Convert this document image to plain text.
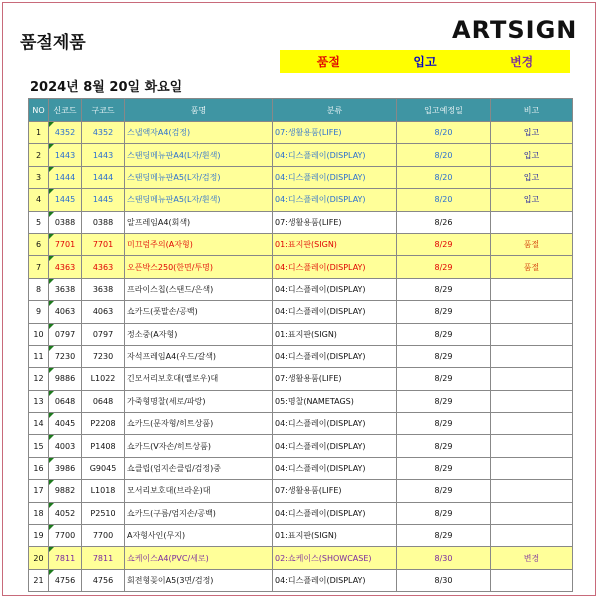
품절제품	ARTSIGN
품절	입고	변경
2024년 8월 20일 화요일
NO	신코드	구코드	품명	분류	입고예정일	비고
1	4352	4352	스냅액자A4(검정)	07:생활용품(LIFE)	8/20	입고
2	1443	1443	스탠딩메뉴판A4(L자/흰색)	04:디스플레이(DISPLAY)	8/20	입고
3	1444	1444	스탠딩메뉴판A5(L자/검정)	04:디스플레이(DISPLAY)	8/20	입고
4	1445	1445	스탠딩메뉴판A5(L자/흰색)	04:디스플레이(DISPLAY)	8/20	입고
5	0388	0388	알프레임A4(회색)	07:생활용품(LIFE)	8/26	
6	7701	7701	미끄럼주의(A자형)	01:표지판(SIGN)	8/29	품절
7	4363	4363	오픈박스250(한면/투명)	04:디스플레이(DISPLAY)	8/29	품절
8	3638	3638	프라이스칩(스탠드/은색)	04:디스플레이(DISPLAY)	8/29	
9	4063	4063	쇼카드(폿말손/공백)	04:디스플레이(DISPLAY)	8/29	
10	0797	0797	정소중(A자형)	01:표지판(SIGN)	8/29	
11	7230	7230	자석프레임A4(우드/갈색)	04:디스플레이(DISPLAY)	8/29	
12	9886	L1022	긴모서리보호대(옐로우)대	07:생활용품(LIFE)	8/29	
13	0648	0648	가죽형명찰(세로/파랑)	05:명찰(NAMETAGS)	8/29	
14	4045	P2208	쇼카드(문자형/히트상품)	04:디스플레이(DISPLAY)	8/29	
15	4003	P1408	쇼카드(V자손/히트상품)	04:디스플레이(DISPLAY)	8/29	
16	3986	G9045	쇼클립(엄지손클립/검정)중	04:디스플레이(DISPLAY)	8/29	
17	9882	L1018	모서리보호대(브라운)대	07:생활용품(LIFE)	8/29	
18	4052	P2510	쇼카드(구름/엄지손/공백)	04:디스플레이(DISPLAY)	8/29	
19	7700	7700	A자형사인(무지)	01:표지판(SIGN)	8/29	
20	7811	7811	쇼케이스A4(PVC/세로)	02:쇼케이스(SHOWCASE)	8/30	변경
21	4756	4756	회전형꽂이A5(3면/검정)	04:디스플레이(DISPLAY)	8/30	
